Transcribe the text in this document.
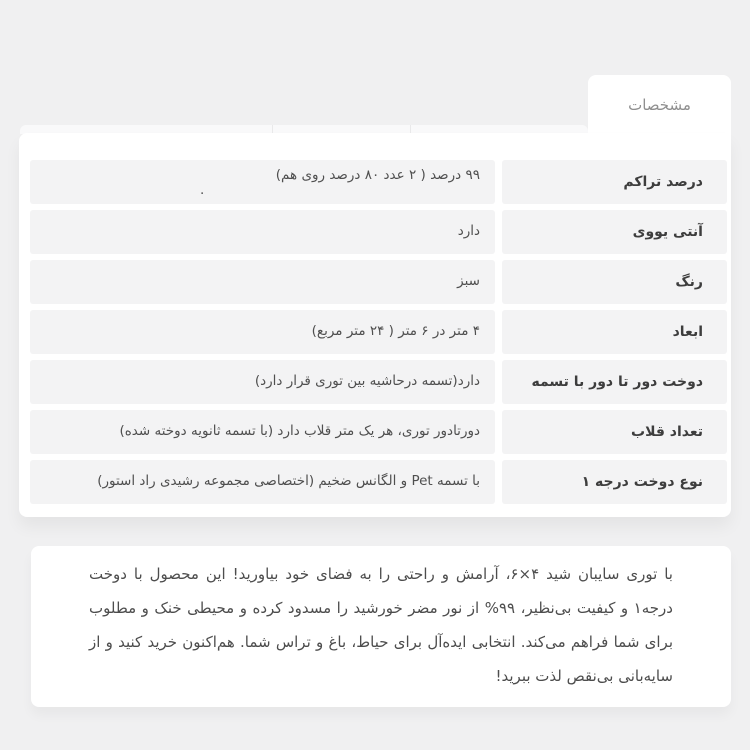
مشخصات
درصد تراکم
۹۹ درصد ( ۲ عدد ۸۰ درصد روی هم)
.
آنتی یووی
دارد
رنگ
سبز
ابعاد
۴ متر در ۶ متر ( ۲۴ متر مربع)
دوخت دور تا دور با تسمه
دارد(تسمه درحاشیه بین توری قرار دارد)
تعداد قلاب
دورتادور توری، هر یک متر قلاب دارد (با تسمه ثانویه دوخته شده)
نوع دوخت درجه ۱
با تسمه Pet و الگانس ضخیم (اختصاصی مجموعه رشیدی راد استور)

با توری سایبان شید ۴×۶، آرامش و راحتی را به فضای خود بیاورید! این محصول با دوخت درجه۱ و کیفیت بی‌نظیر، ۹۹% از نور مضر خورشید را مسدود کرده و محیطی خنک و مطلوب برای شما فراهم می‌کند. انتخابی ایده‌آل برای حیاط، باغ و تراس شما. هم‌اکنون خرید کنید و از سایه‌بانی بی‌نقص لذت ببرید!
